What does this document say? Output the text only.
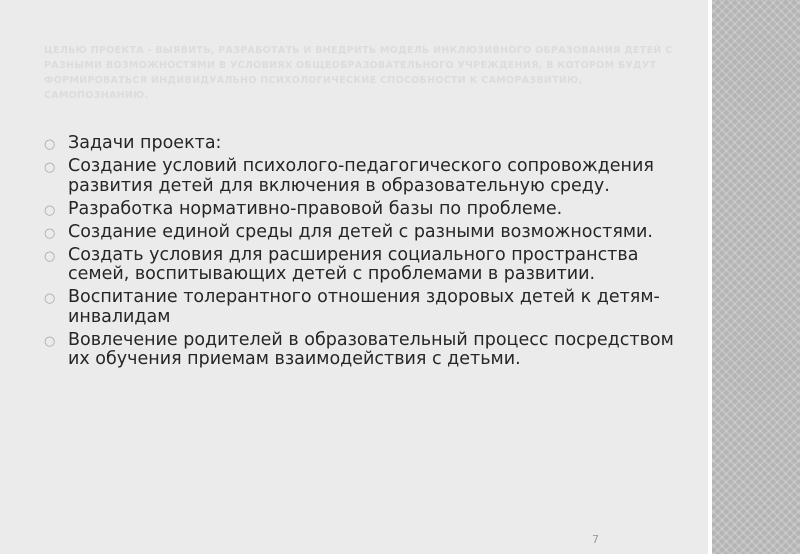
ЦЕЛЬЮ ПРОЕКТА - ВЫЯВИТЬ, РАЗРАБОТАТЬ И ВНЕДРИТЬ МОДЕЛЬ ИНКЛЮЗИВНОГО ОБРАЗОВАНИЯ ДЕТЕЙ С РАЗНЫМИ ВОЗМОЖНОСТЯМИ В УСЛОВИЯХ ОБЩЕОБРАЗОВАТЕЛЬНОГО УЧРЕЖДЕНИЯ, В КОТОРОМ БУДУТ ФОРМИРОВАТЬСЯ ИНДИВИДУАЛЬНО ПСИХОЛОГИЧЕСКИЕ СПОСОБНОСТИ К САМОРАЗВИТИЮ, САМОПОЗНАНИЮ.

○ Задачи проекта:
○ Создание условий психолого-педагогического сопровождения развития детей для включения в образовательную среду.
○ Разработка нормативно-правовой базы по проблеме.
○ Создание единой среды для детей с разными возможностями.
○ Создать условия для расширения социального пространства семей, воспитывающих детей с проблемами в развитии.
○ Воспитание толерантного отношения здоровых детей к детям-инвалидам
○ Вовлечение родителей в образовательный процесс посредством их обучения приемам взаимодействия с детьми.
7
